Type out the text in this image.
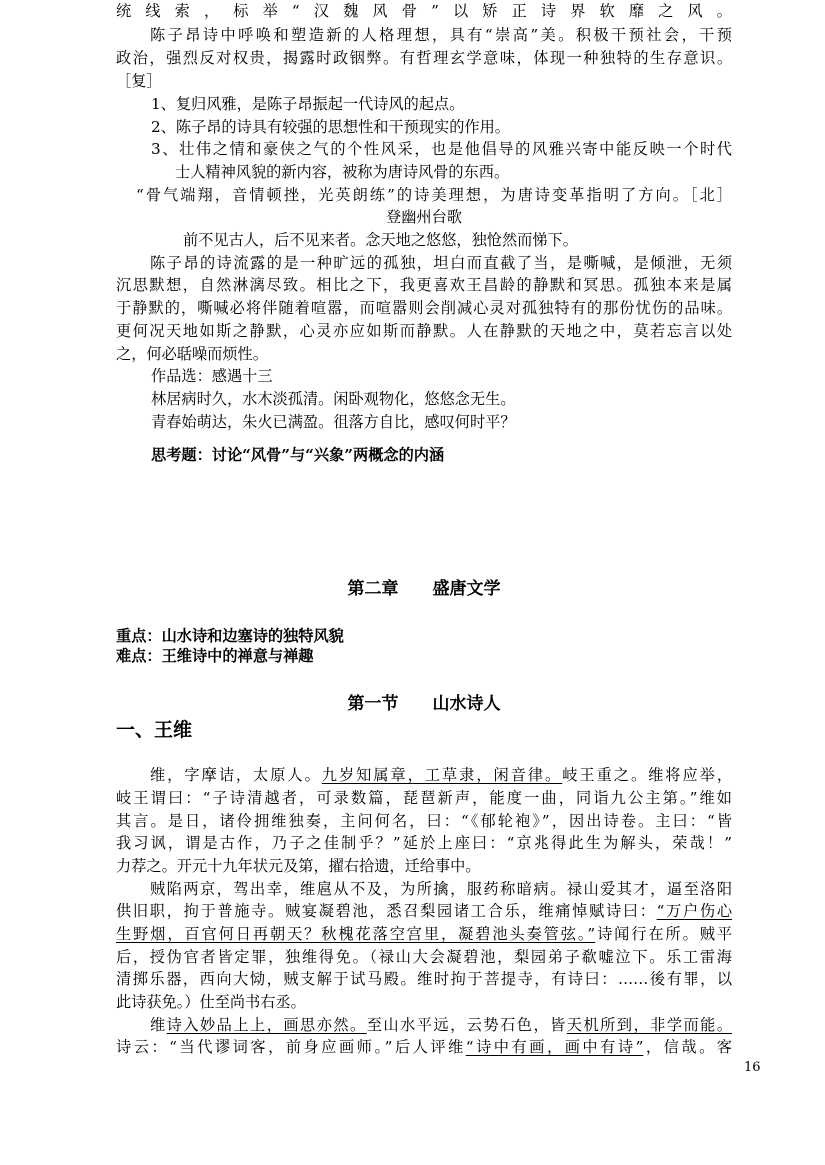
统线索，标举“汉魏风骨”以矫正诗界软靡之风。
陈子昂诗中呼唤和塑造新的人格理想，具有“崇高”美。积极干预社会，干预
政治，强烈反对权贵，揭露时政铟弊。有哲理玄学意味，体现一种独特的生存意识。
［复］
1、复归风雅，是陈子昂振起一代诗风的起点。
2、陈子昂的诗具有较强的思想性和干预现实的作用。
3、壮伟之情和豪侠之气的个性风采，也是他倡导的风雅兴寄中能反映一个时代
士人精神风貌的新内容，被称为唐诗风骨的东西。
“骨气端翔，音情顿挫，光英朗练”的诗美理想，为唐诗变革指明了方向。［北］
登幽州台歌
前不见古人，后不见来者。念天地之悠悠，独怆然而悌下。
陈子昂的诗流露的是一种旷远的孤独，坦白而直截了当，是嘶喊，是倾泄，无须
沉思默想，自然淋漓尽致。相比之下，我更喜欢王昌龄的静默和冥思。孤独本来是属
于静默的，嘶喊必将伴随着喧嚣，而喧嚣则会削减心灵对孤独特有的那份忧伤的品味。
更何况天地如斯之静默，心灵亦应如斯而静默。人在静默的天地之中，莫若忘言以处
之，何必聒噪而烦性。
作品选：感遇十三
林居病时久，水木淡孤清。闲卧观物化，悠悠念无生。
青春始萌达，朱火已满盈。徂落方自比，感叹何时平？
思考题：讨论“风骨”与“兴象”两概念的内涵
第二章　　盛唐文学
重点：山水诗和边塞诗的独特风貌
难点：王维诗中的禅意与禅趣
第一节　　山水诗人
一、王维
维，字摩诘，太原人。九岁知属章，工草隶，闲音律。岐王重之。维将应举，
岐王谓曰：“子诗清越者，可录数篇，琵琶新声，能度一曲，同诣九公主第。”维如
其言。是日，诸伶拥维独奏，主问何名，曰：“《郁轮袍》”，因出诗卷。主曰：“皆
我习讽，谓是古作，乃子之佳制乎？”延於上座曰：“京兆得此生为解头，荣哉！”
力荐之。开元十九年状元及第，擢右拾遗，迁给事中。
贼陷两京，驾出幸，维扈从不及，为所擒，服药称暗病。禄山爱其才，逼至洛阳
供旧职，拘于普施寺。贼宴凝碧池，悉召梨园诸工合乐，维痛悼赋诗曰：“万户伤心
生野烟，百官何日再朝天？秋槐花落空宫里，凝碧池头奏管弦。”诗闻行在所。贼平
后，授伪官者皆定罪，独维得免。（禄山大会凝碧池，梨园弟子欷嘘泣下。乐工雷海
清掷乐器，西向大恸，贼支解于试马殿。维时拘于菩提寺，有诗曰：……後有罪，以
此诗获免。）仕至尚书右丞。
维诗入妙品上上，画思亦然。至山水平远，云势石色，皆天机所到，非学而能。
诗云：“当代谬词客，前身应画师。”后人评维“诗中有画，画中有诗”，信哉。客
16
